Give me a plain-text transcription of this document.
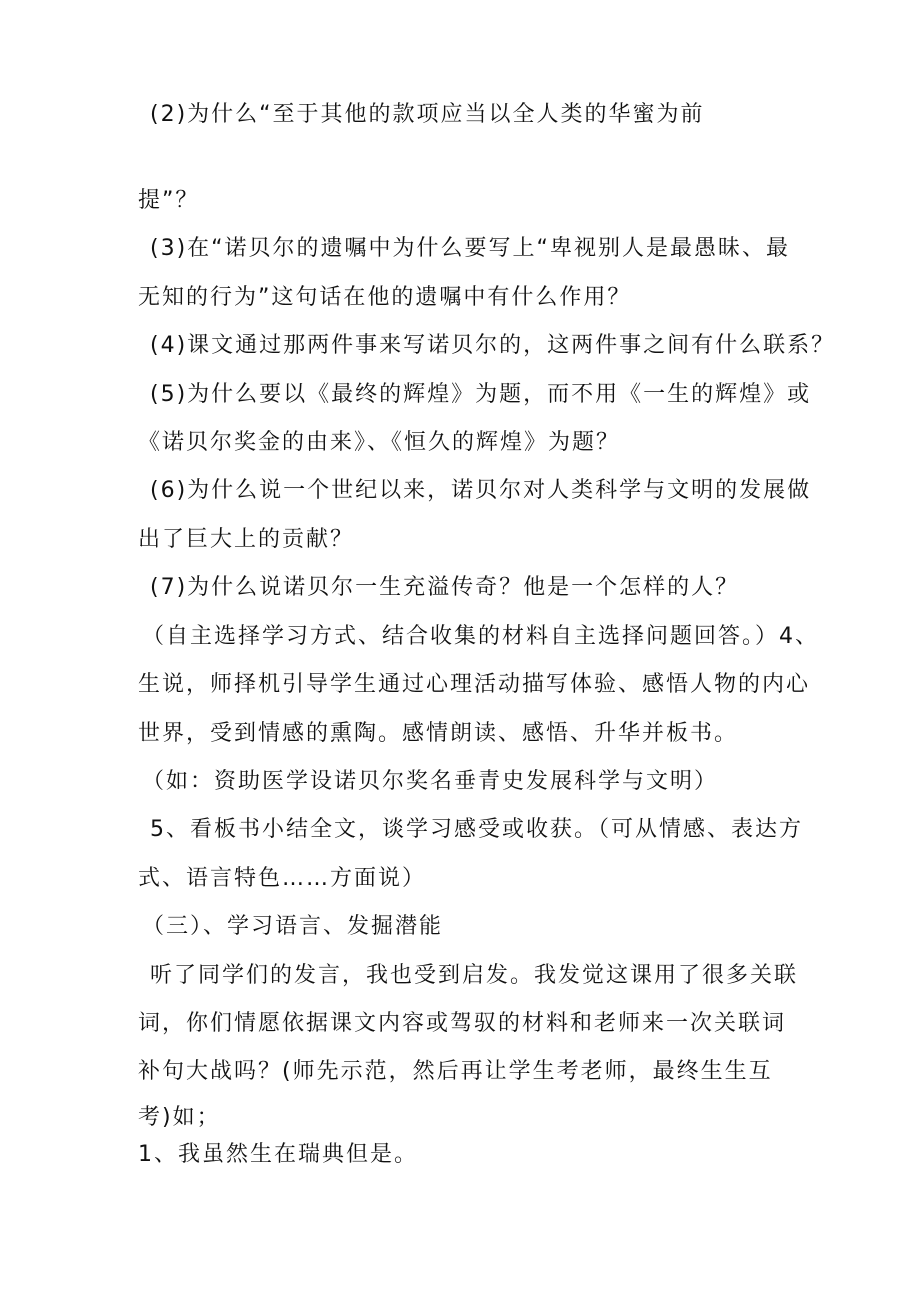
(2)为什么“至于其他的款项应当以全人类的华蜜为前
提”？
(3)在“诺贝尔的遗嘱中为什么要写上“卑视别人是最愚昧、最
无知的行为”这句话在他的遗嘱中有什么作用？
(4)课文通过那两件事来写诺贝尔的，这两件事之间有什么联系？
(5)为什么要以《最终的辉煌》为题，而不用《一生的辉煌》或
《诺贝尔奖金的由来》、《恒久的辉煌》为题？
(6)为什么说一个世纪以来，诺贝尔对人类科学与文明的发展做
出了巨大上的贡献？
(7)为什么说诺贝尔一生充溢传奇？他是一个怎样的人？
（自主选择学习方式、结合收集的材料自主选择问题回答。）4、
生说，师择机引导学生通过心理活动描写体验、感悟人物的内心
世界，受到情感的熏陶。感情朗读、感悟、升华并板书。
（如：资助医学设诺贝尔奖名垂青史发展科学与文明）
5、看板书小结全文，谈学习感受或收获。（可从情感、表达方
式、语言特色……方面说）
（三）、学习语言、发掘潜能
听了同学们的发言，我也受到启发。我发觉这课用了很多关联
词，你们情愿依据课文内容或驾驭的材料和老师来一次关联词
补句大战吗？(师先示范，然后再让学生考老师，最终生生互
考)如；
1、我虽然生在瑞典但是。
